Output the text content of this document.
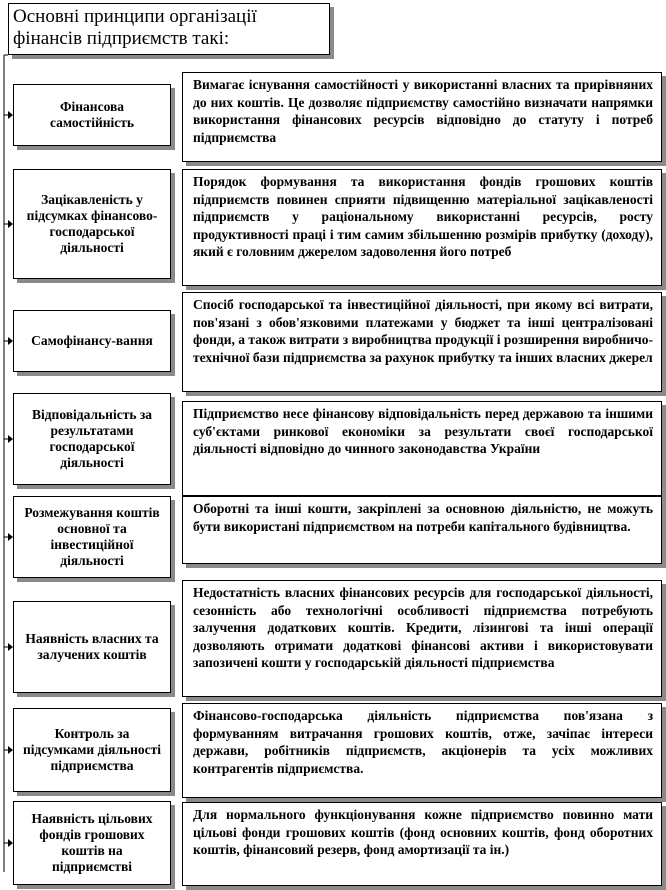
Основні принципи організації фінансів підприємств такі:
Фінансова самостійність
Вимагає існування самостійності у використанні власних та прирівняних до них коштів. Це дозволяє підприємству самостійно визначати напрямки використання фінансових ресурсів відповідно до статуту і потреб підприємства
Зацікавленість у підсумках фінансово-господарської діяльності
Порядок формування та використання фондів грошових коштів підприємств повинен сприяти підвищенню матеріальної зацікавленості підприємств у раціональному використанні ресурсів, росту продуктивності праці і тим самим збільшенню розмірів прибутку (доходу), який є головним джерелом задоволення його потреб
Самофінансу-вання
Спосіб господарської та інвестиційної діяльності, при якому всі витрати, пов'язані з обов'язковими платежами у бюджет та інші централізовані фонди, а також витрати з виробництва продукції і розширення виробничо-технічної бази підприємства за рахунок прибутку та інших власних джерел
Відповідальність за результатами господарської діяльності
Підприємство несе фінансову відповідальність перед державою та іншими суб'єктами ринкової економіки за результати своєї господарської діяльності відповідно до чинного законодавства України
Розмежування коштів основної та інвестиційної діяльності
Оборотні та інші кошти, закріплені за основною діяльністю, не можуть бути використані підприємством на потреби капітального будівництва.
Наявність власних та залучених коштів
Недостатність власних фінансових ресурсів для господарської діяльності, сезонність або технологічні особливості підприємства потребують залучення додаткових коштів. Кредити, лізингові та інші операції дозволяють отримати додаткові фінансові активи і використовувати запозичені кошти у господарській діяльності підприємства
Контроль за підсумками діяльності підприємства
Фінансово-господарська діяльність підприємства пов'язана з формуванням витрачання грошових коштів, отже, зачіпає інтереси держави, робітників підприємств, акціонерів та усіх можливих контрагентів підприємства.
Наявність цільових фондів грошових коштів на підприємстві
Для нормального функціонування кожне підприємство повинно мати цільові фонди грошових коштів (фонд основних коштів, фонд оборотних коштів, фінансовий резерв, фонд амортизації та ін.)
